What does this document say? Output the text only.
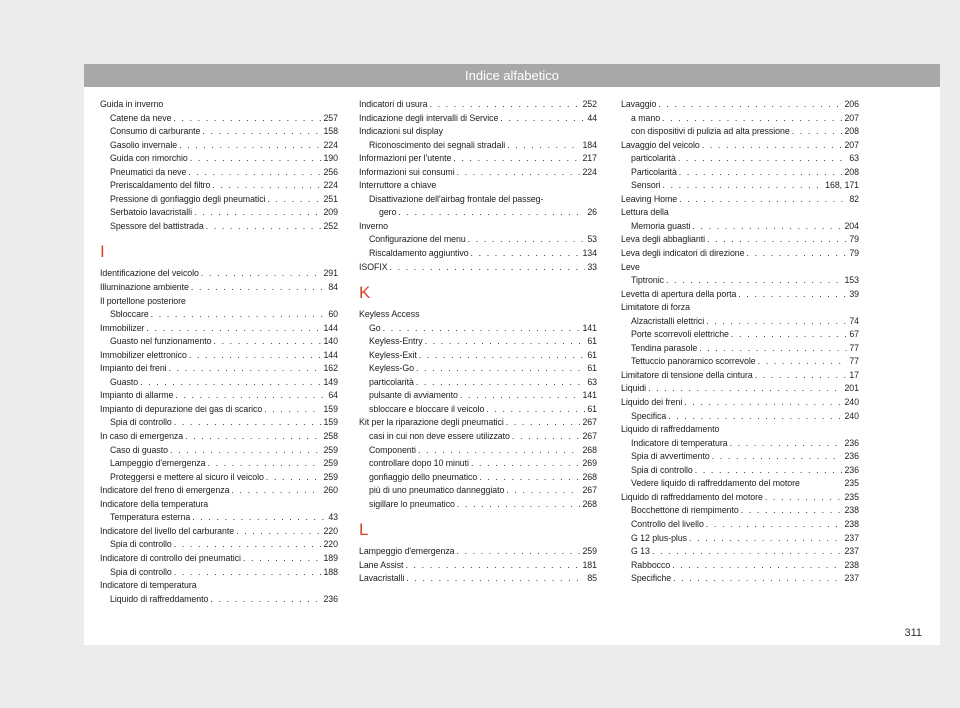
Indice alfabetico
Guida in inverno
Catene da neve . . .	257
Consumo di carburante . . .	158
Gasolio invernale . . .	224
Guida con rimorchio . . .	190
Pneumatici da neve . . .	256
Preriscaldamento del filtro . . .	224
Pressione di gonfiaggio degli pneumatici . . .	251
Serbatoio lavacristalli . . .	209
Spessore del battistrada . . .	252
I
Identificazione del veicolo . . .	291
Illuminazione ambiente . . .	84
Il portellone posteriore
Sbloccare . . .	60
Immobilizer . . .	144
Guasto nel funzionamento . . .	140
Immobilizer elettronico . . .	144
Impianto dei freni . . .	162
Guasto . . .	149
Impianto di allarme . . .	64
Impianto di depurazione dei gas di scarico . . .	159
Spia di controllo . . .	159
In caso di emergenza . . .	258
Caso di guasto . . .	259
Lampeggio d'emergenza . . .	259
Proteggersi e mettere al sicuro il veicolo . . .	259
Indicatore del freno di emergenza . . .	260
Indicatore della temperatura
Temperatura esterna . . .	43
Indicatore del livello del carburante . . .	220
Spia di controllo . . .	220
Indicatore di controllo dei pneumatici . . .	189
Spia di controllo . . .	188
Indicatore di temperatura
Liquido di raffreddamento . . .	236
Indicatori di usura . . .	252
Indicazione degli intervalli di Service . . .	44
Indicazioni sul display
Riconoscimento dei segnali stradali . . .	184
Informazioni per l'utente . . .	217
Informazioni sui consumi . . .	224
Interruttore a chiave
Disattivazione dell'airbag frontale del passeg-
gero . . .	26
Inverno
Configurazione del menu . . .	53
Riscaldamento aggiuntivo . . .	134
ISOFIX . . .	33
K
Keyless Access
Go . . .	141
Keyless-Entry . . .	61
Keyless-Exit . . .	61
Keyless-Go . . .	61
particolarità . . .	63
pulsante di avviamento . . .	141
sbloccare e bloccare il veicolo . . .	61
Kit per la riparazione degli pneumatici . . .	267
casi in cui non deve essere utilizzato . . .	267
Componenti . . .	268
controllare dopo 10 minuti . . .	269
gonfiaggio dello pneumatico . . .	268
più di uno pneumatico danneggiato . . .	267
sigillare lo pneumatico . . .	268
L
Lampeggio d'emergenza . . .	259
Lane Assist . . .	181
Lavacristalli . . .	85
Lavaggio . . .	206
a mano . . .	207
con dispositivi di pulizia ad alta pressione . . .	208
Lavaggio del veicolo . . .	207
particolarità . . .	63
Particolarità . . .	208
Sensori . . .	168, 171
Leaving Home . . .	82
Lettura della
Memoria guasti . . .	204
Leva degli abbaglianti . . .	79
Leva degli indicatori di direzione . . .	79
Leve
Tiptronic . . .	153
Levetta di apertura della porta . . .	39
Limitatore di forza
Alzacristalli elettrici . . .	74
Porte scorrevoli elettriche . . .	67
Tendina parasole . . .	77
Tettuccio panoramico scorrevole . . .	77
Limitatore di tensione della cintura . . .	17
Liquidi . . .	201
Liquido dei freni . . .	240
Specifica . . .	240
Liquido di raffreddamento
Indicatore di temperatura . . .	236
Spia di avvertimento . . .	236
Spia di controllo . . .	236
Vedere liquido di raffreddamento del motore	235
Liquido di raffreddamento del motore . . .	235
Bocchettone di riempimento . . .	238
Controllo del livello . . .	238
G 12 plus-plus . . .	237
G 13 . . .	237
Rabbocco . . .	238
Specifiche . . .	237
311
